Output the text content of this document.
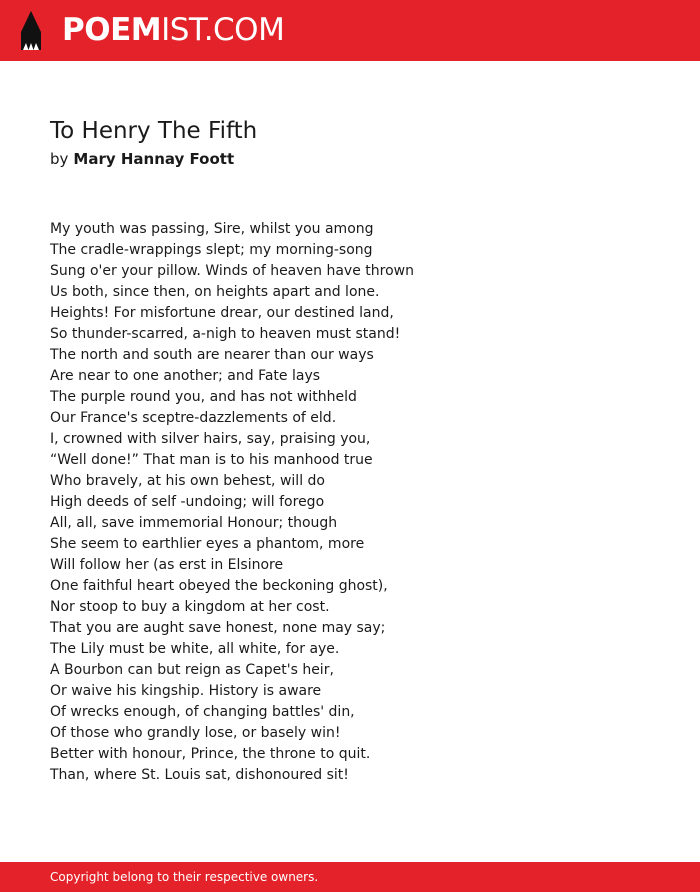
POEMIST.COM
To Henry The Fifth
by Mary Hannay Foott
My youth was passing, Sire, whilst you among
The cradle-wrappings slept; my morning-song
Sung o'er your pillow. Winds of heaven have thrown
Us both, since then, on heights apart and lone.
Heights! For misfortune drear, our destined land,
So thunder-scarred, a-nigh to heaven must stand!
The north and south are nearer than our ways
Are near to one another; and Fate lays
The purple round you, and has not withheld
Our France's sceptre-dazzlements of eld.
I, crowned with silver hairs, say, praising you,
“Well done!” That man is to his manhood true
Who bravely, at his own behest, will do
High deeds of self -undoing; will forego
All, all, save immemorial Honour; though
She seem to earthlier eyes a phantom, more
Will follow her (as erst in Elsinore
One faithful heart obeyed the beckoning ghost),
Nor stoop to buy a kingdom at her cost.
That you are aught save honest, none may say;
The Lily must be white, all white, for aye.
A Bourbon can but reign as Capet's heir,
Or waive his kingship. History is aware
Of wrecks enough, of changing battles' din,
Of those who grandly lose, or basely win!
Better with honour, Prince, the throne to quit.
Than, where St. Louis sat, dishonoured sit!
Copyright belong to their respective owners.
